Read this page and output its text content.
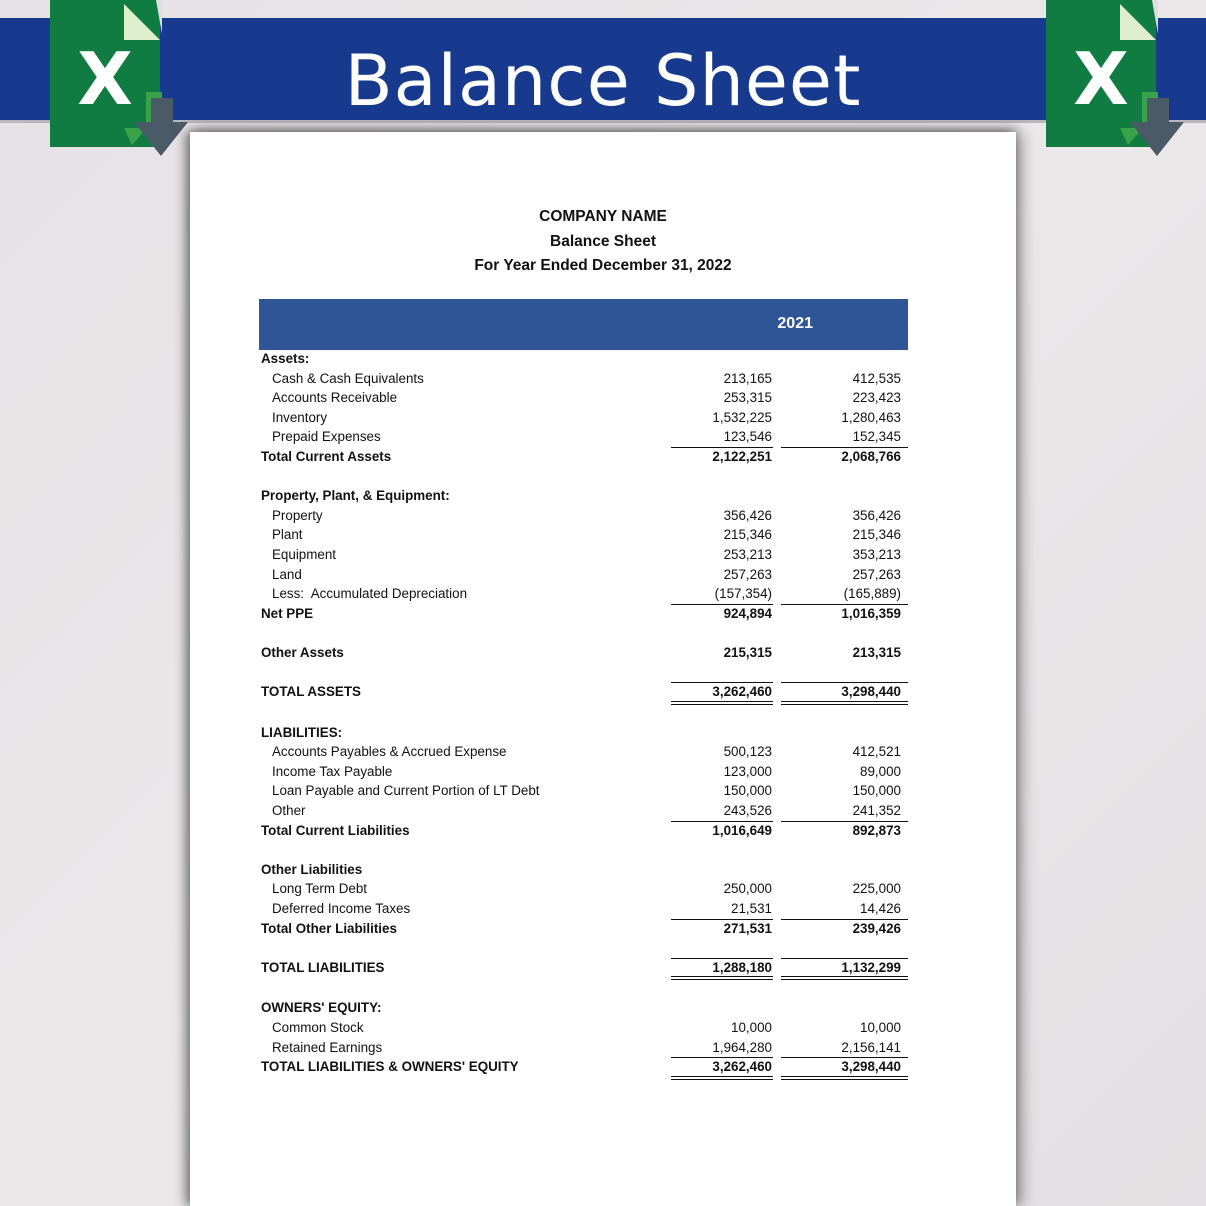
Balance Sheet
X	X
COMPANY NAME
Balance Sheet
For Year Ended December 31, 2022
2021	2022
Assets:
Cash & Cash Equivalents	213,165	412,535
Accounts Receivable	253,315	223,423
Inventory	1,532,225	1,280,463
Prepaid Expenses	123,546	152,345
Total Current Assets	2,122,251	2,068,766
Property, Plant, & Equipment:
Property	356,426	356,426
Plant	215,346	215,346
Equipment	253,213	353,213
Land	257,263	257,263
Less:  Accumulated Depreciation	(157,354)	(165,889)
Net PPE	924,894	1,016,359
Other Assets	215,315	213,315
TOTAL ASSETS	3,262,460	3,298,440
LIABILITIES:
Accounts Payables & Accrued Expense	500,123	412,521
Income Tax Payable	123,000	89,000
Loan Payable and Current Portion of LT Debt	150,000	150,000
Other	243,526	241,352
Total Current Liabilities	1,016,649	892,873
Other Liabilities
Long Term Debt	250,000	225,000
Deferred Income Taxes	21,531	14,426
Total Other Liabilities	271,531	239,426
TOTAL LIABILITIES	1,288,180	1,132,299
OWNERS' EQUITY:
Common Stock	10,000	10,000
Retained Earnings	1,964,280	2,156,141
TOTAL LIABILITIES & OWNERS' EQUITY	3,262,460	3,298,440
